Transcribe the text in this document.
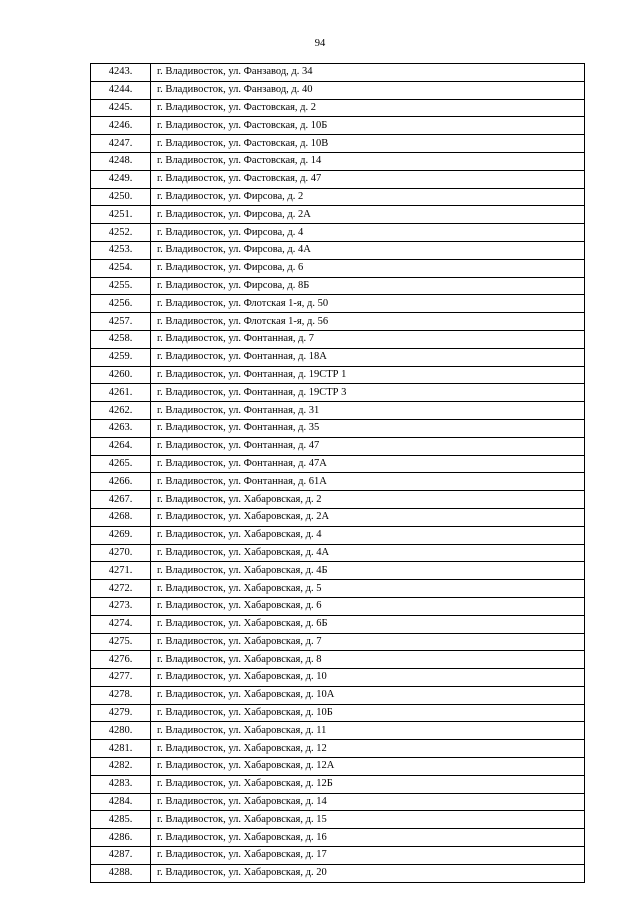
94
4243.	г. Владивосток, ул. Фанзавод, д. 34
4244.	г. Владивосток, ул. Фанзавод, д. 40
4245.	г. Владивосток, ул. Фастовская, д. 2
4246.	г. Владивосток, ул. Фастовская, д. 10Б
4247.	г. Владивосток, ул. Фастовская, д. 10В
4248.	г. Владивосток, ул. Фастовская, д. 14
4249.	г. Владивосток, ул. Фастовская, д. 47
4250.	г. Владивосток, ул. Фирсова, д. 2
4251.	г. Владивосток, ул. Фирсова, д. 2А
4252.	г. Владивосток, ул. Фирсова, д. 4
4253.	г. Владивосток, ул. Фирсова, д. 4А
4254.	г. Владивосток, ул. Фирсова, д. 6
4255.	г. Владивосток, ул. Фирсова, д. 8Б
4256.	г. Владивосток, ул. Флотская 1-я, д. 50
4257.	г. Владивосток, ул. Флотская 1-я, д. 56
4258.	г. Владивосток, ул. Фонтанная, д. 7
4259.	г. Владивосток, ул. Фонтанная, д. 18А
4260.	г. Владивосток, ул. Фонтанная, д. 19СТР 1
4261.	г. Владивосток, ул. Фонтанная, д. 19СТР 3
4262.	г. Владивосток, ул. Фонтанная, д. 31
4263.	г. Владивосток, ул. Фонтанная, д. 35
4264.	г. Владивосток, ул. Фонтанная, д. 47
4265.	г. Владивосток, ул. Фонтанная, д. 47А
4266.	г. Владивосток, ул. Фонтанная, д. 61А
4267.	г. Владивосток, ул. Хабаровская, д. 2
4268.	г. Владивосток, ул. Хабаровская, д. 2А
4269.	г. Владивосток, ул. Хабаровская, д. 4
4270.	г. Владивосток, ул. Хабаровская, д. 4А
4271.	г. Владивосток, ул. Хабаровская, д. 4Б
4272.	г. Владивосток, ул. Хабаровская, д. 5
4273.	г. Владивосток, ул. Хабаровская, д. 6
4274.	г. Владивосток, ул. Хабаровская, д. 6Б
4275.	г. Владивосток, ул. Хабаровская, д. 7
4276.	г. Владивосток, ул. Хабаровская, д. 8
4277.	г. Владивосток, ул. Хабаровская, д. 10
4278.	г. Владивосток, ул. Хабаровская, д. 10А
4279.	г. Владивосток, ул. Хабаровская, д. 10Б
4280.	г. Владивосток, ул. Хабаровская, д. 11
4281.	г. Владивосток, ул. Хабаровская, д. 12
4282.	г. Владивосток, ул. Хабаровская, д. 12А
4283.	г. Владивосток, ул. Хабаровская, д. 12Б
4284.	г. Владивосток, ул. Хабаровская, д. 14
4285.	г. Владивосток, ул. Хабаровская, д. 15
4286.	г. Владивосток, ул. Хабаровская, д. 16
4287.	г. Владивосток, ул. Хабаровская, д. 17
4288.	г. Владивосток, ул. Хабаровская, д. 20
